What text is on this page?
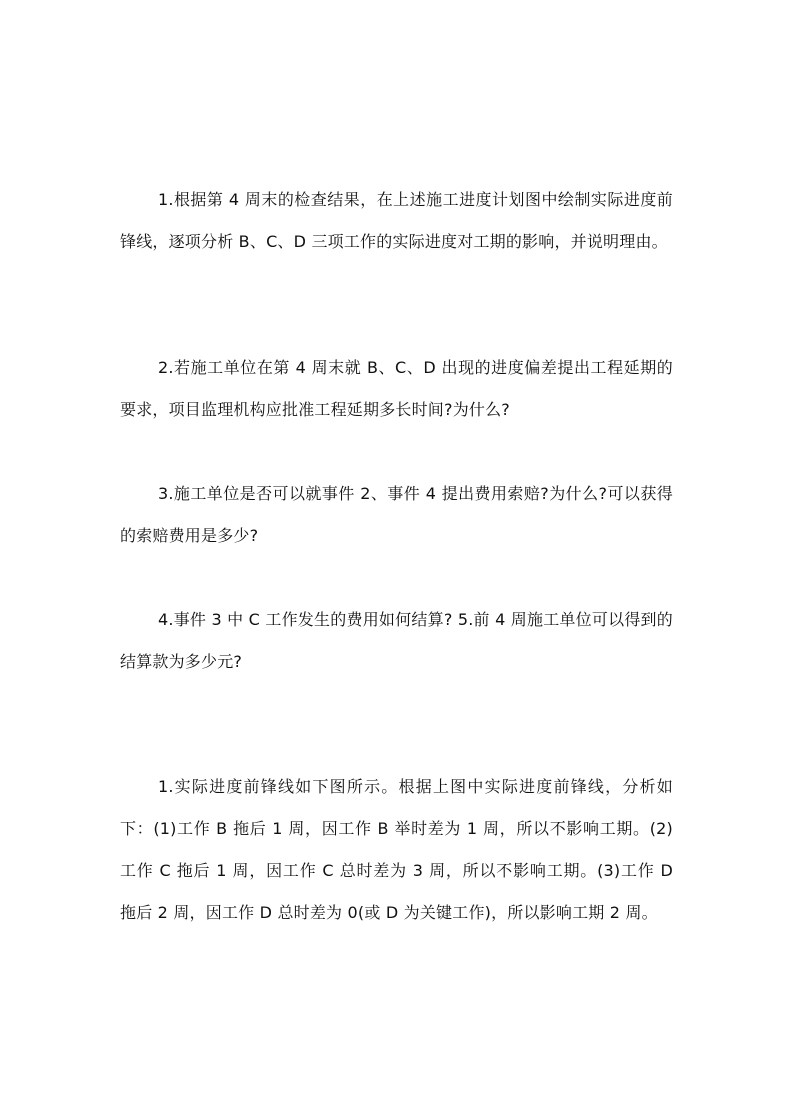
1.根据第 4 周末的检查结果，在上述施工进度计划图中绘制实际进度前锋线，逐项分析 B、C、D 三项工作的实际进度对工期的影响，并说明理由。

2.若施工单位在第 4 周末就 B、C、D 出现的进度偏差提出工程延期的要求，项目监理机构应批准工程延期多长时间?为什么?

3.施工单位是否可以就事件 2、事件 4 提出费用索赔?为什么?可以获得的索赔费用是多少?

4.事件 3 中 C 工作发生的费用如何结算? 5.前 4 周施工单位可以得到的结算款为多少元?

1.实际进度前锋线如下图所示。根据上图中实际进度前锋线，分析如下：(1)工作 B 拖后 1 周，因工作 B 举时差为 1 周，所以不影响工期。(2)工作 C 拖后 1 周，因工作 C 总时差为 3 周，所以不影响工期。(3)工作 D 拖后 2 周，因工作 D 总时差为 0(或 D 为关键工作)，所以影响工期 2 周。
